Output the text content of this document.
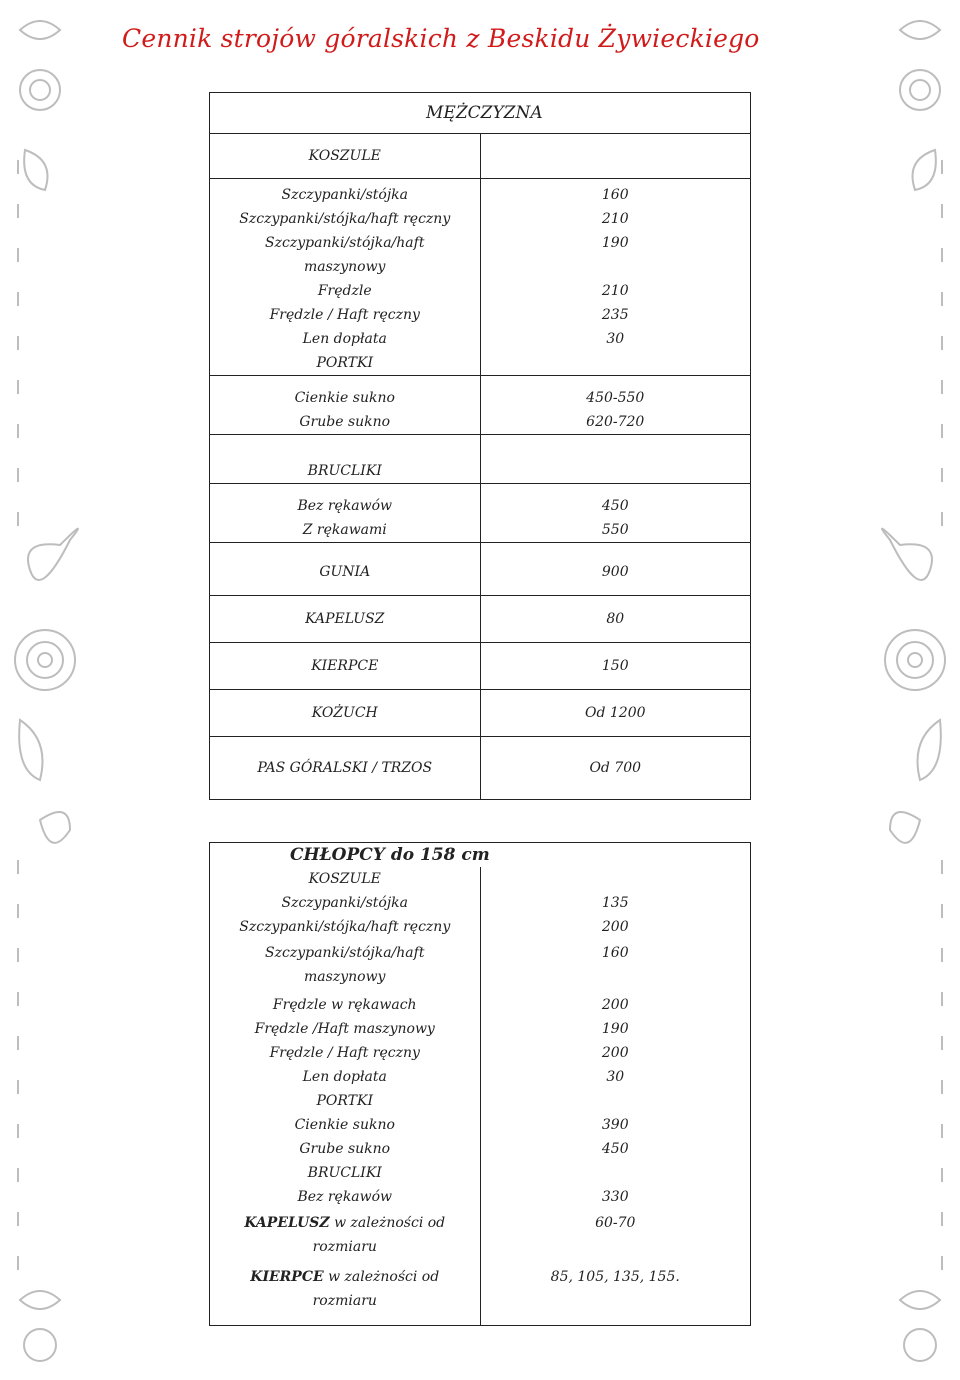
Cennik strojów góralskich z Beskidu Żywieckiego
MĘŻCZYZNA	
KOSZULE	
Szczypanki/stójka	160
Szczypanki/stójka/haft ręczny	210
Szczypanki/stójka/haft maszynowy	190
Frędzle	210
Frędzle / Haft ręczny	235
Len dopłata	30
PORTKI	
Cienkie sukno	450-550
Grube sukno	620-720
BRUCLIKI	
Bez rękawów	450
Z rękawami	550
GUNIA	900
KAPELUSZ	80
KIERPCE	150
KOŻUCH	Od 1200
PAS GÓRALSKI / TRZOS	Od 700
CHŁOPCY do 158 cm	
KOSZULE	
Szczypanki/stójka	135
Szczypanki/stójka/haft ręczny	200
Szczypanki/stójka/haft maszynowy	160
Frędzle w rękawach	200
Frędzle /Haft maszynowy	190
Frędzle / Haft ręczny	200
Len dopłata	30
PORTKI	
Cienkie sukno	390
Grube sukno	450
BRUCLIKI	
Bez rękawów	330
KAPELUSZ w zależności od rozmiaru	60-70
KIERPCE w zależności od rozmiaru	85, 105, 135, 155.
